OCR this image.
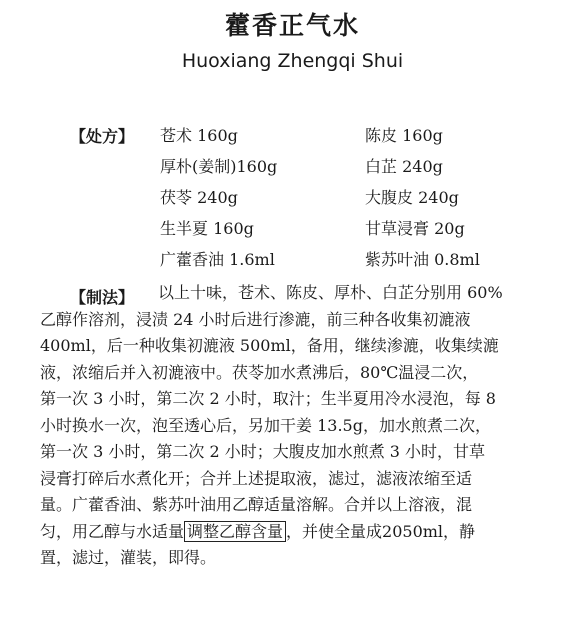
藿香正气水
Huoxiang Zhengqi Shui
【处方】 苍术 160g	陈皮 160g
厚朴(姜制)160g	白芷 240g
茯苓 240g	大腹皮 240g
生半夏 160g	甘草浸膏 20g
广藿香油 1.6ml	紫苏叶油 0.8ml
【制法】	以上十味，苍术、陈皮、厚朴、白芷分别用 60%
乙醇作溶剂，浸渍 24 小时后进行渗漉，前三种各收集初漉液
400ml，后一种收集初漉液 500ml，备用，继续渗漉，收集续漉
液，浓缩后并入初漉液中。茯苓加水煮沸后，80℃温浸二次，
第一次 3 小时，第二次 2 小时，取汁；生半夏用冷水浸泡，每 8
小时换水一次，泡至透心后，另加干姜 13.5g，加水煎煮二次，
第一次 3 小时，第二次 2 小时；大腹皮加水煎煮 3 小时，甘草
浸膏打碎后水煮化开；合并上述提取液，滤过，滤液浓缩至适
量。广藿香油、紫苏叶油用乙醇适量溶解。合并以上溶液，混
匀，用乙醇与水适量 调整乙醇含量 ，并使全量成2050ml，静
置，滤过，灌装，即得。
